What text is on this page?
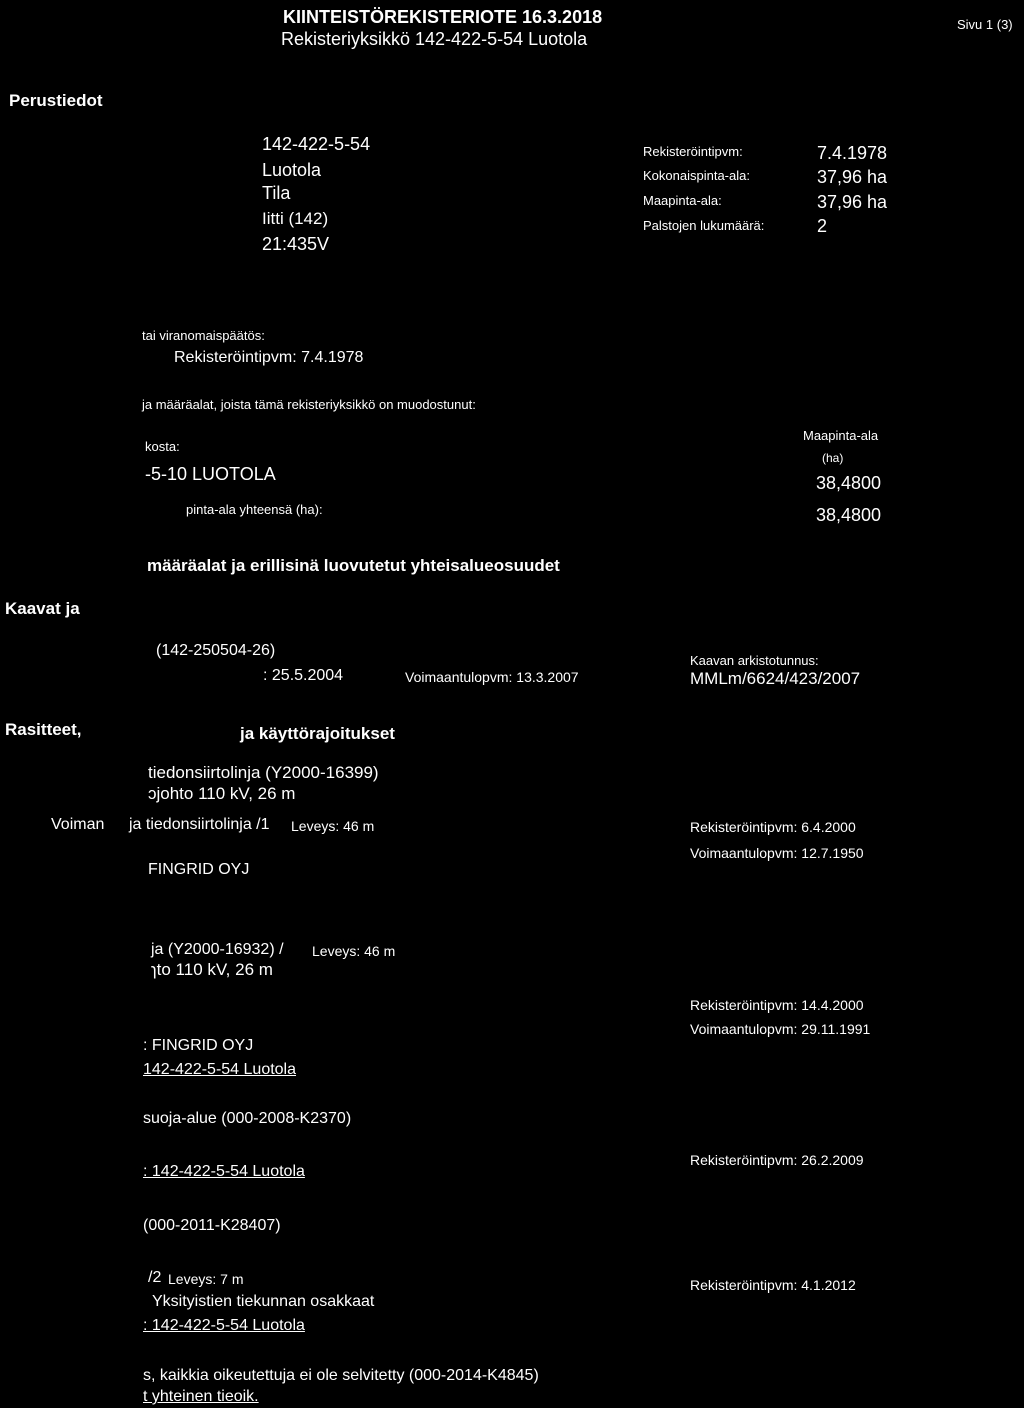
KIINTEISTÖREKISTERIOTE 16.3.2018
Rekisteriyksikkö 142-422-5-54 Luotola
Sivu 1 (3)
Perustiedot
142-422-5-54
Luotola
Tila
Iitti (142)
21:435V
Rekisteröintipvm:	7.4.1978
Kokonaispinta-ala:	37,96 ha
Maapinta-ala:	37,96 ha
Palstojen lukumäärä:	2
tai viranomaispäätös:
Rekisteröintipvm: 7.4.1978
ja määräalat, joista tämä rekisteriyksikkö on muodostunut:
Maapinta-ala
kosta:
(ha)
-5-10 LUOTOLA	38,4800
pinta-ala yhteensä (ha):	38,4800
määräalat ja erillisinä luovutetut yhteisalueosuudet
Kaavat ja
(142-250504-26)
Kaavan arkistotunnus:
: 25.5.2004	Voimaantulopvm: 13.3.2007	MMLm/6624/423/2007
Rasitteet,	ja käyttörajoitukset
tiedonsiirtolinja (Y2000-16399)
ɔjohto 110 kV, 26 m
Voiman ja tiedonsiirtolinja /1 Leveys: 46 m	Rekisteröintipvm: 6.4.2000
Voimaantulopvm: 12.7.1950
FINGRID OYJ
ja (Y2000-16932) / Leveys: 46 m
ɿto 110 kV, 26 m
Rekisteröintipvm: 14.4.2000
Voimaantulopvm: 29.11.1991
: FINGRID OYJ
142-422-5-54 Luotola
suoja-alue (000-2008-K2370)
Rekisteröintipvm: 26.2.2009
: 142-422-5-54 Luotola
(000-2011-K28407)
/2 Leveys: 7 m	Rekisteröintipvm: 4.1.2012
Yksityistien tiekunnan osakkaat
: 142-422-5-54 Luotola
s, kaikkia oikeutettuja ei ole selvitetty (000-2014-K4845)
t yhteinen tieoik.
